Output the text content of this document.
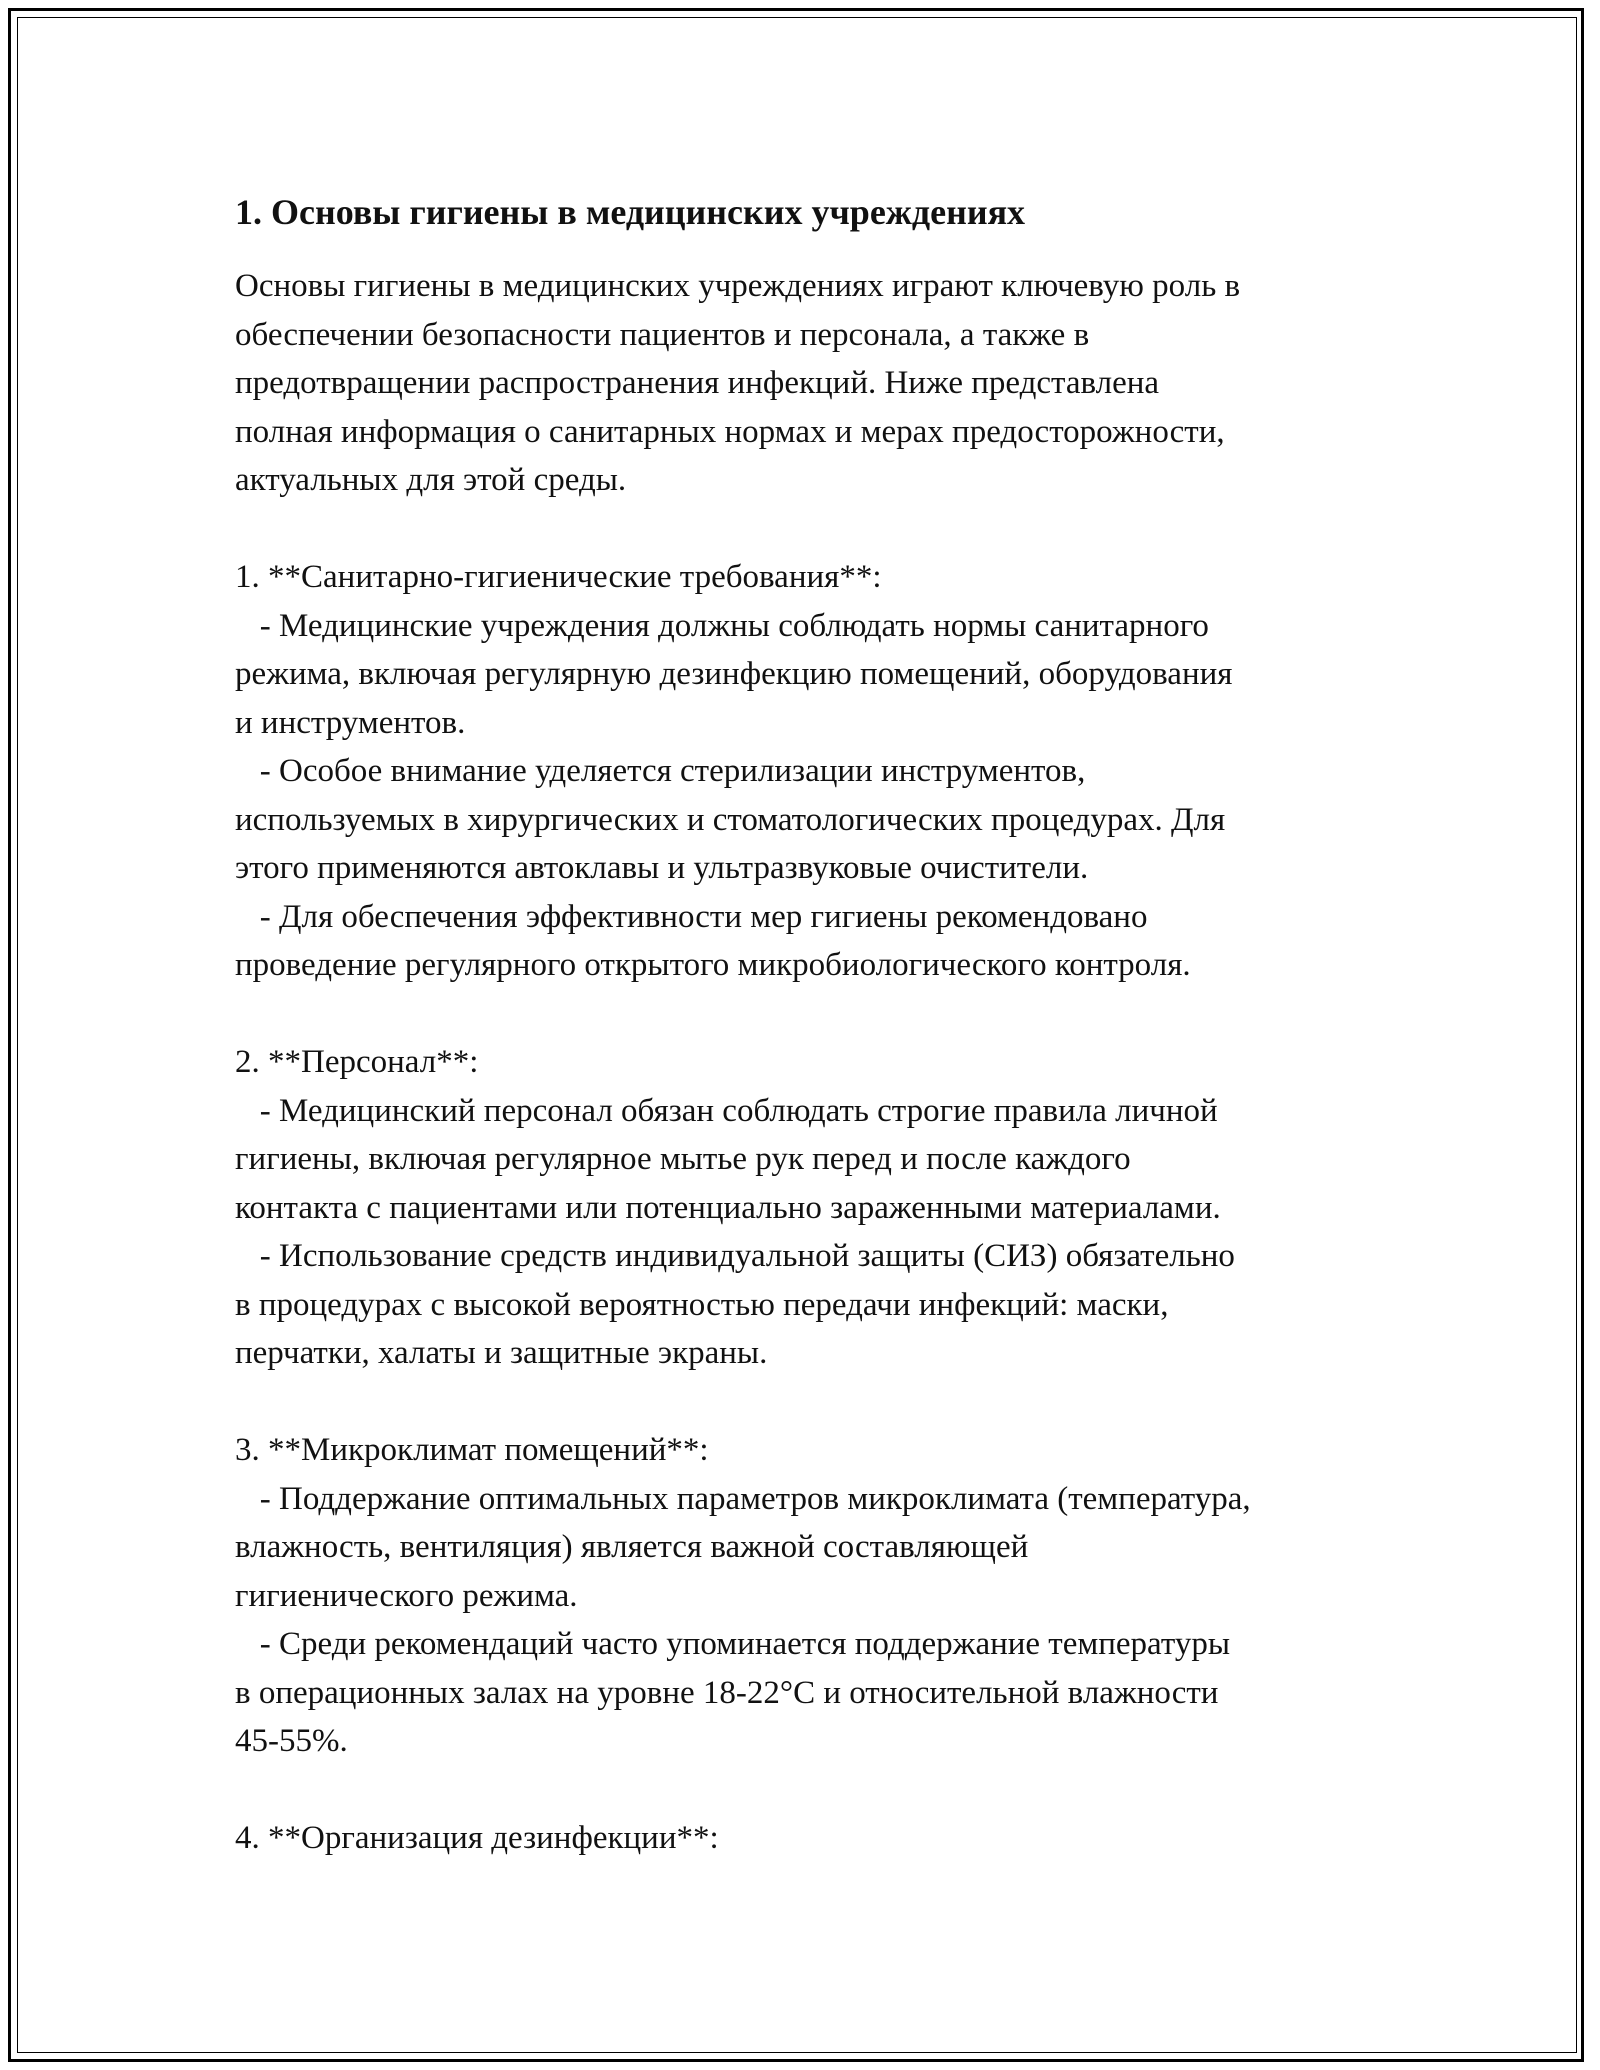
1. Основы гигиены в медицинских учреждениях
Основы гигиены в медицинских учреждениях играют ключевую роль в
обеспечении безопасности пациентов и персонала, а также в
предотвращении распространения инфекций. Ниже представлена
полная информация о санитарных нормах и мерах предосторожности,
актуальных для этой среды.
1. **Санитарно-гигиенические требования**:
- Медицинские учреждения должны соблюдать нормы санитарного
режима, включая регулярную дезинфекцию помещений, оборудования
и инструментов.
- Особое внимание уделяется стерилизации инструментов,
используемых в хирургических и стоматологических процедурах. Для
этого применяются автоклавы и ультразвуковые очистители.
- Для обеспечения эффективности мер гигиены рекомендовано
проведение регулярного открытого микробиологического контроля.
2. **Персонал**:
- Медицинский персонал обязан соблюдать строгие правила личной
гигиены, включая регулярное мытье рук перед и после каждого
контакта с пациентами или потенциально зараженными материалами.
- Использование средств индивидуальной защиты (СИЗ) обязательно
в процедурах с высокой вероятностью передачи инфекций: маски,
перчатки, халаты и защитные экраны.
3. **Микроклимат помещений**:
- Поддержание оптимальных параметров микроклимата (температура,
влажность, вентиляция) является важной составляющей
гигиенического режима.
- Среди рекомендаций часто упоминается поддержание температуры
в операционных залах на уровне 18-22°C и относительной влажности
45-55%.
4. **Организация дезинфекции**:
